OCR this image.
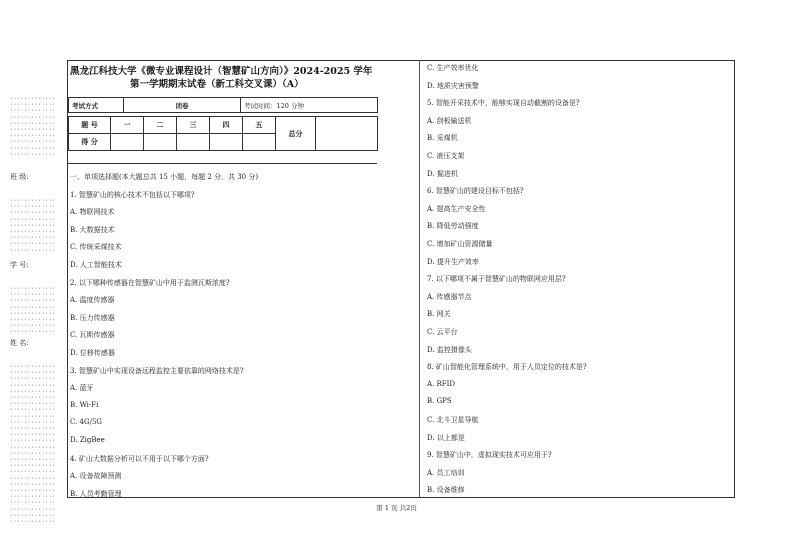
·············
·············
·············
·············
·············
·············
·············
·············
·············
·············
班 级:
·············
·············
·············
·············
·············
·············
·············
·············
·············
学 号:
·············
·············
·············
·············
·············
·············
·············
·············
姓 名:
·············
·············
·············
·············
·············
·············
·············
·············
·············
·············
·············
·············
·············
·············
·············
·············
·············
·············
·············
·············
·············
·············
·············
·············
·············
·············
黑龙江科技大学《微专业课程设计（智慧矿山方向）》2024-2025 学年
第一学期期末试卷（新工科交叉课）（A）
考试方式	闭卷	考试时间：120 分钟
题 号	一	二	三	四	五	总分	
得 分							
一、单项选择题(本大题总共 15 小题，每题 2 分，共 30 分)
1. 智慧矿山的核心技术不包括以下哪项?
A. 物联网技术
B. 大数据技术
C. 传统采煤技术
D. 人工智能技术
2. 以下哪种传感器在智慧矿山中用于监测瓦斯浓度?
A. 温度传感器
B. 压力传感器
C. 瓦斯传感器
D. 位移传感器
3. 智慧矿山中实现设备远程监控主要依靠的网络技术是?
A. 蓝牙
B. Wi-Fi
C. 4G/5G
D. ZigBee
4. 矿山大数据分析可以不用于以下哪个方面?
A. 设备故障预测
B. 人员考勤管理
C. 生产效率优化
D. 地质灾害预警
5. 智能开采技术中，能够实现自动截割的设备是?
A. 刮板输送机
B. 采煤机
C. 液压支架
D. 掘进机
6. 智慧矿山的建设目标不包括?
A. 提高生产安全性
B. 降低劳动强度
C. 增加矿山资源储量
D. 提升生产效率
7. 以下哪项不属于智慧矿山的物联网应用层?
A. 传感器节点
B. 网关
C. 云平台
D. 监控摄像头
8. 矿山智能化管理系统中，用于人员定位的技术是?
A. RFID
B. GPS
C. 北斗卫星导航
D. 以上都是
9. 智慧矿山中，虚拟现实技术可应用于?
A. 员工培训
B. 设备维修
第 1 页 共2页
